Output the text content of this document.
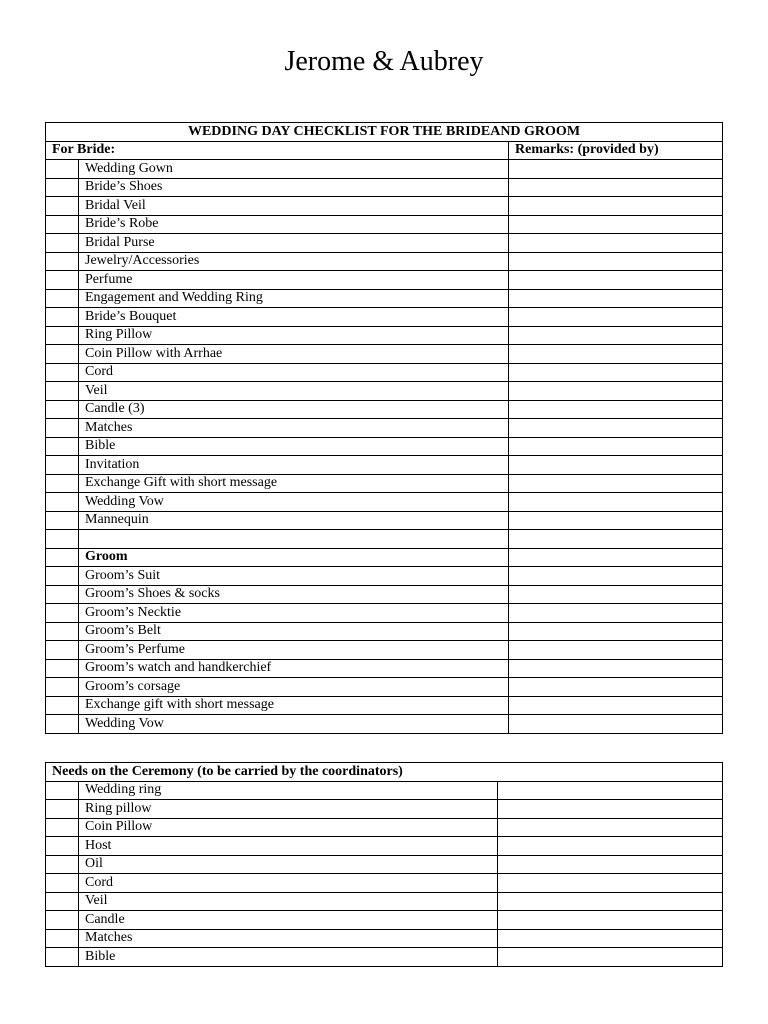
Jerome & Aubrey
WEDDING DAY CHECKLIST FOR THE BRIDEAND GROOM		
For Bride:		Remarks: (provided by)
	Wedding Gown	
	Bride’s Shoes	
	Bridal Veil	
	Bride’s Robe	
	Bridal Purse	
	Jewelry/Accessories	
	Perfume	
	Engagement and Wedding Ring	
	Bride’s Bouquet	
	Ring Pillow	
	Coin Pillow with Arrhae	
	Cord	
	Veil	
	Candle (3)	
	Matches	
	Bible	
	Invitation	
	Exchange Gift with short message	
	Wedding Vow	
	Mannequin	

	Groom	
	Groom’s Suit	
	Groom’s Shoes & socks	
	Groom’s Necktie	
	Groom’s Belt	
	Groom’s Perfume	
	Groom’s watch and handkerchief	
	Groom’s corsage	
	Exchange gift with short message	
	Wedding Vow	
Needs on the Ceremony (to be carried by the coordinators)		
	Wedding ring	
	Ring pillow	
	Coin Pillow	
	Host	
	Oil	
	Cord	
	Veil	
	Candle	
	Matches	
	Bible	
